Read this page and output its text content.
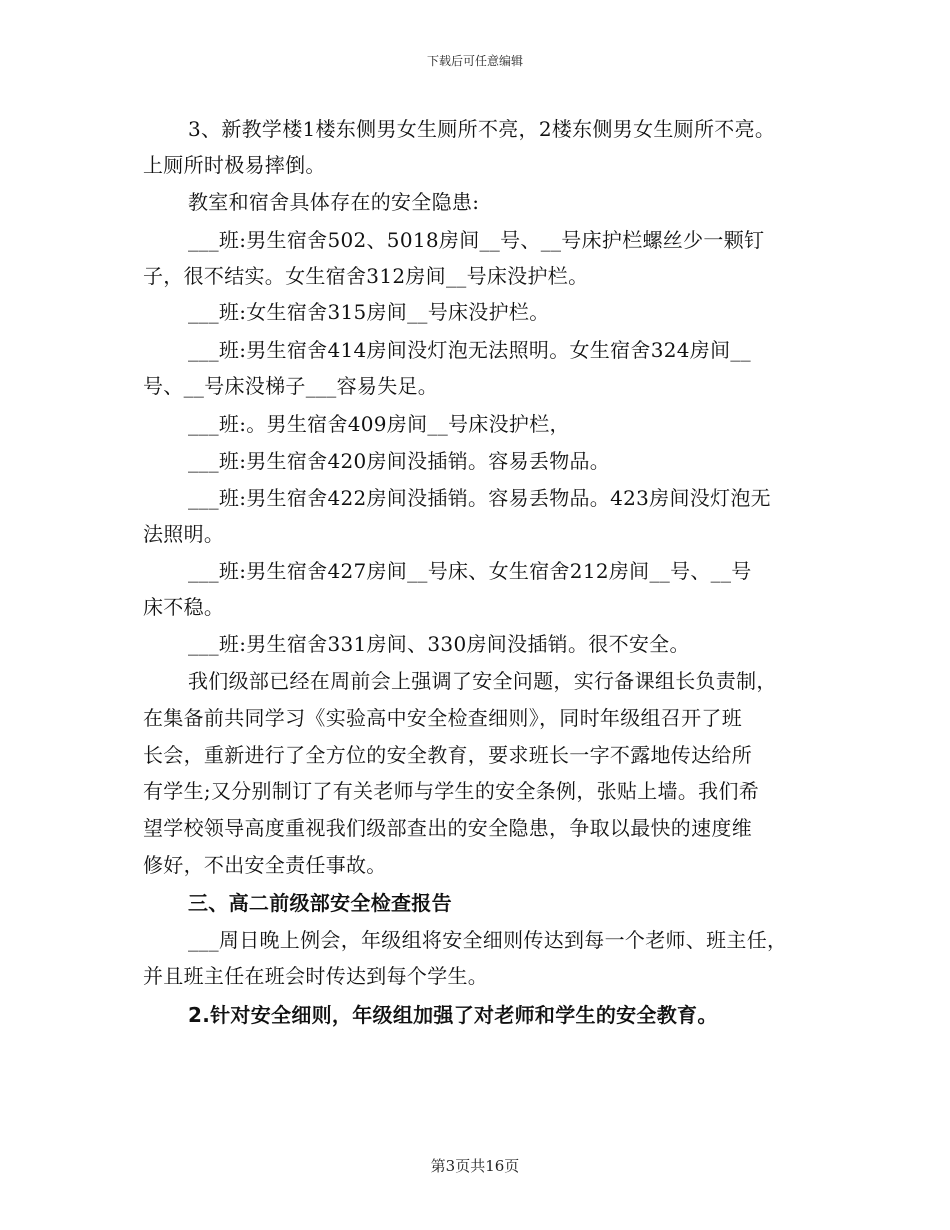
下载后可任意编辑
3、新教学楼1楼东侧男女生厕所不亮，2楼东侧男女生厕所不亮。
上厕所时极易摔倒。
教室和宿舍具体存在的安全隐患:
___班:男生宿舍502、5018房间__号、__号床护栏螺丝少一颗钉
子，很不结实。女生宿舍312房间__号床没护栏。
___班:女生宿舍315房间__号床没护栏。
___班:男生宿舍414房间没灯泡无法照明。女生宿舍324房间__
号、__号床没梯子___容易失足。
___班:。男生宿舍409房间__号床没护栏，
___班:男生宿舍420房间没插销。容易丢物品。
___班:男生宿舍422房间没插销。容易丢物品。423房间没灯泡无
法照明。
___班:男生宿舍427房间__号床、女生宿舍212房间__号、__号
床不稳。
___班:男生宿舍331房间、330房间没插销。很不安全。
我们级部已经在周前会上强调了安全问题，实行备课组长负责制，
在集备前共同学习《实验高中安全检查细则》，同时年级组召开了班
长会，重新进行了全方位的安全教育，要求班长一字不露地传达给所
有学生;又分别制订了有关老师与学生的安全条例，张贴上墙。我们希
望学校领导高度重视我们级部查出的安全隐患，争取以最快的速度维
修好，不出安全责任事故。
三、高二前级部安全检查报告
___周日晚上例会，年级组将安全细则传达到每一个老师、班主任，
并且班主任在班会时传达到每个学生。
2.针对安全细则，年级组加强了对老师和学生的安全教育。
第3页共16页
